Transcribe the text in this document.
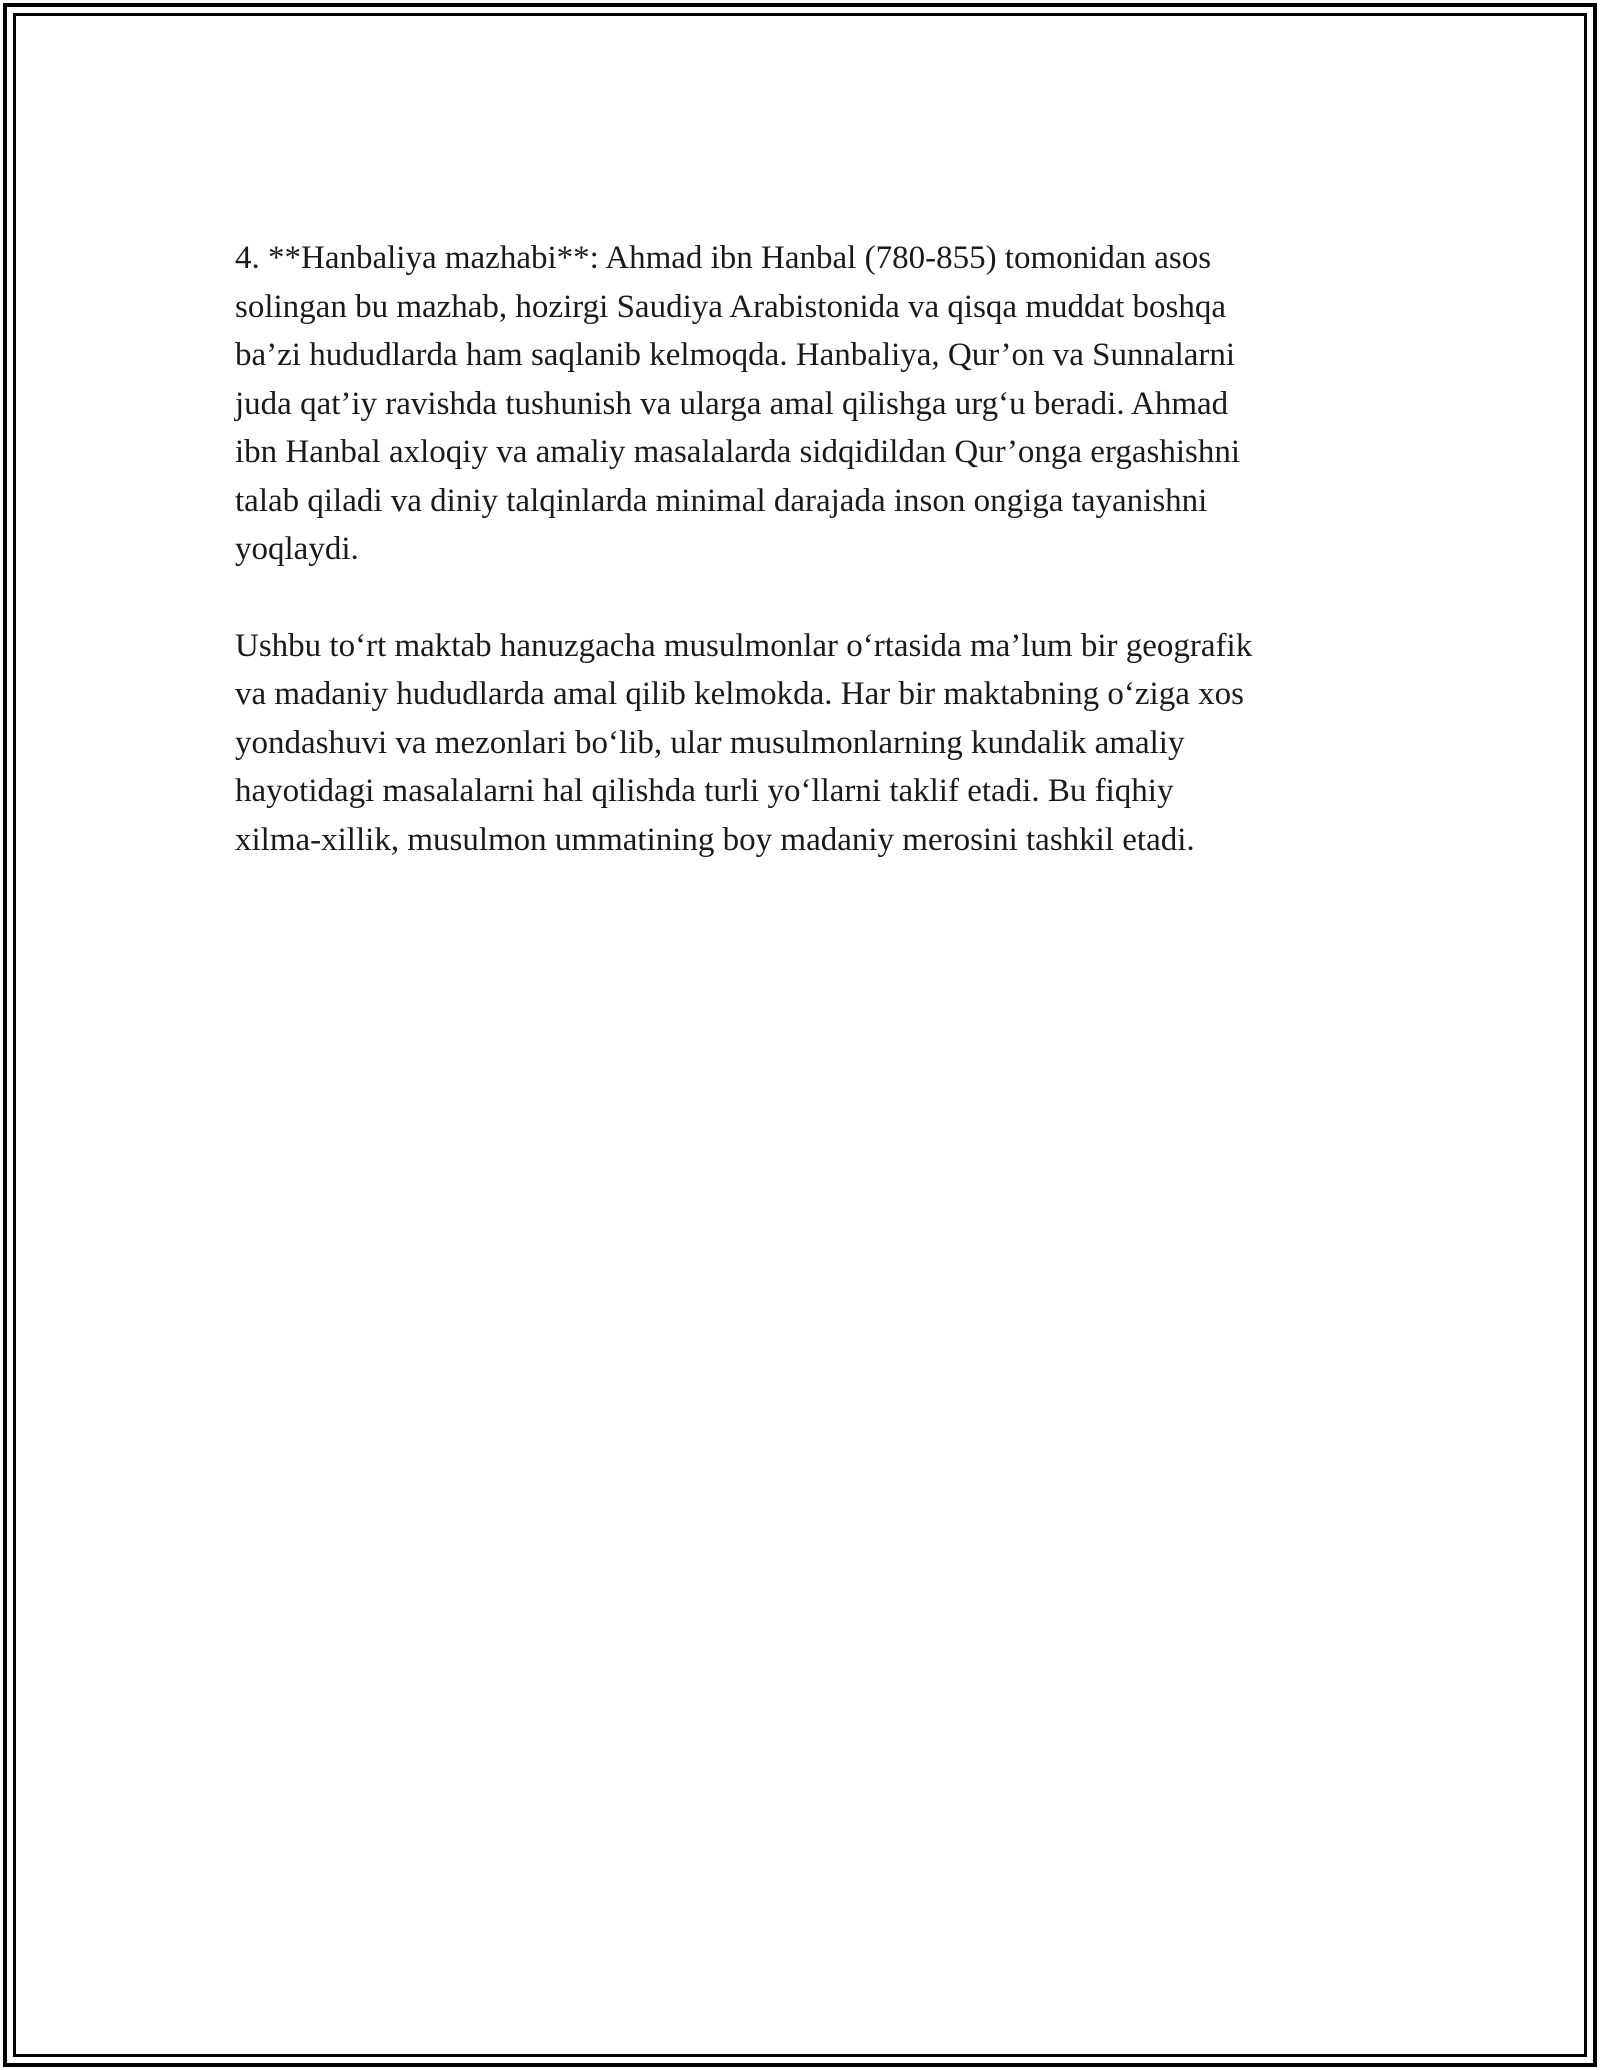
4. **Hanbaliya mazhabi**: Ahmad ibn Hanbal (780-855) tomonidan asos
solingan bu mazhab, hozirgi Saudiya Arabistonida va qisqa muddat boshqa
ba’zi hududlarda ham saqlanib kelmoqda. Hanbaliya, Qur’on va Sunnalarni
juda qat’iy ravishda tushunish va ularga amal qilishga urg‘u beradi. Ahmad
ibn Hanbal axloqiy va amaliy masalalarda sidqidildan Qur’onga ergashishni
talab qiladi va diniy talqinlarda minimal darajada inson ongiga tayanishni
yoqlaydi.

Ushbu to‘rt maktab hanuzgacha musulmonlar o‘rtasida ma’lum bir geografik
va madaniy hududlarda amal qilib kelmokda. Har bir maktabning o‘ziga xos
yondashuvi va mezonlari bo‘lib, ular musulmonlarning kundalik amaliy
hayotidagi masalalarni hal qilishda turli yo‘llarni taklif etadi. Bu fiqhiy
xilma-xillik, musulmon ummatining boy madaniy merosini tashkil etadi.
